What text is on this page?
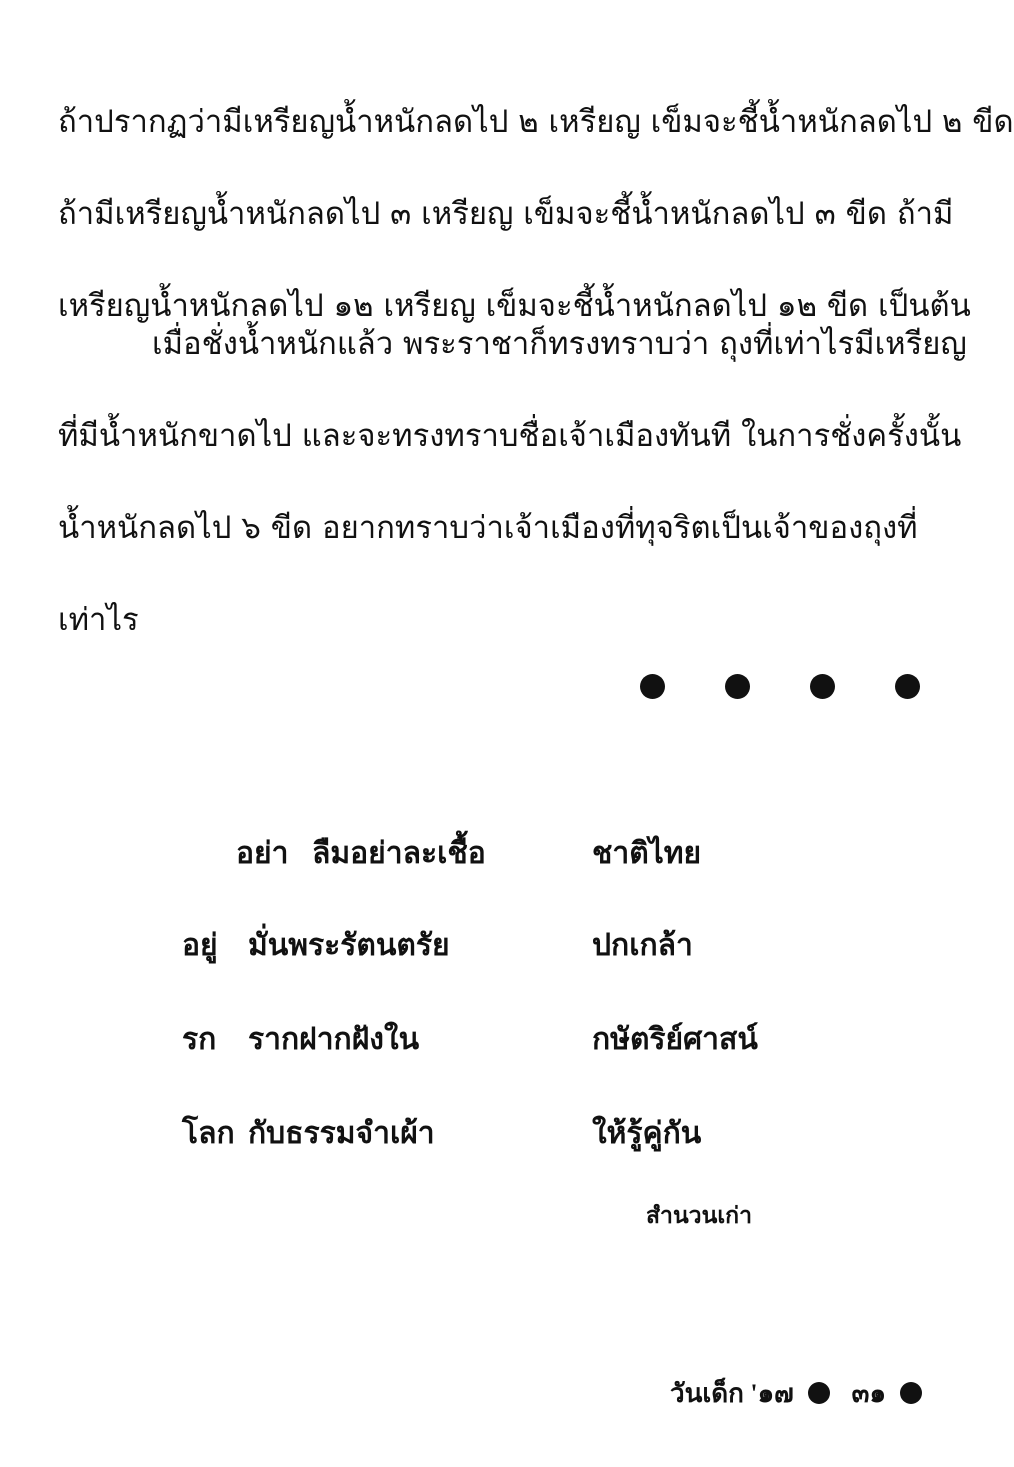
ถ้าปรากฏว่ามีเหรียญน้ำหนักลดไป ๒ เหรียญ เข็มจะชี้น้ำหนักลดไป ๒ ขีด
ถ้ามีเหรียญน้ำหนักลดไป ๓ เหรียญ เข็มจะชี้น้ำหนักลดไป ๓ ขีด ถ้ามี
เหรียญน้ำหนักลดไป ๑๒ เหรียญ เข็มจะชี้น้ำหนักลดไป ๑๒ ขีด เป็นต้น
เมื่อชั่งน้ำหนักแล้ว พระราชาก็ทรงทราบว่า ถุงที่เท่าไรมีเหรียญ
ที่มีน้ำหนักขาดไป และจะทรงทราบชื่อเจ้าเมืองทันที ในการชั่งครั้งนั้น
น้ำหนักลดไป ๖ ขีด อยากทราบว่าเจ้าเมืองที่ทุจริตเป็นเจ้าของถุงที่
เท่าไร
อย่า ลืมอย่าละเชื้อ	ชาติไทย
อยู่ มั่นพระรัตนตรัย	ปกเกล้า
รก รากฝากฝังใน	กษัตริย์ศาสน์
โลก กับธรรมจำเผ้า	ให้รู้คู่กัน
สำนวนเก่า
วันเด็ก '๑๗ ๓๑
